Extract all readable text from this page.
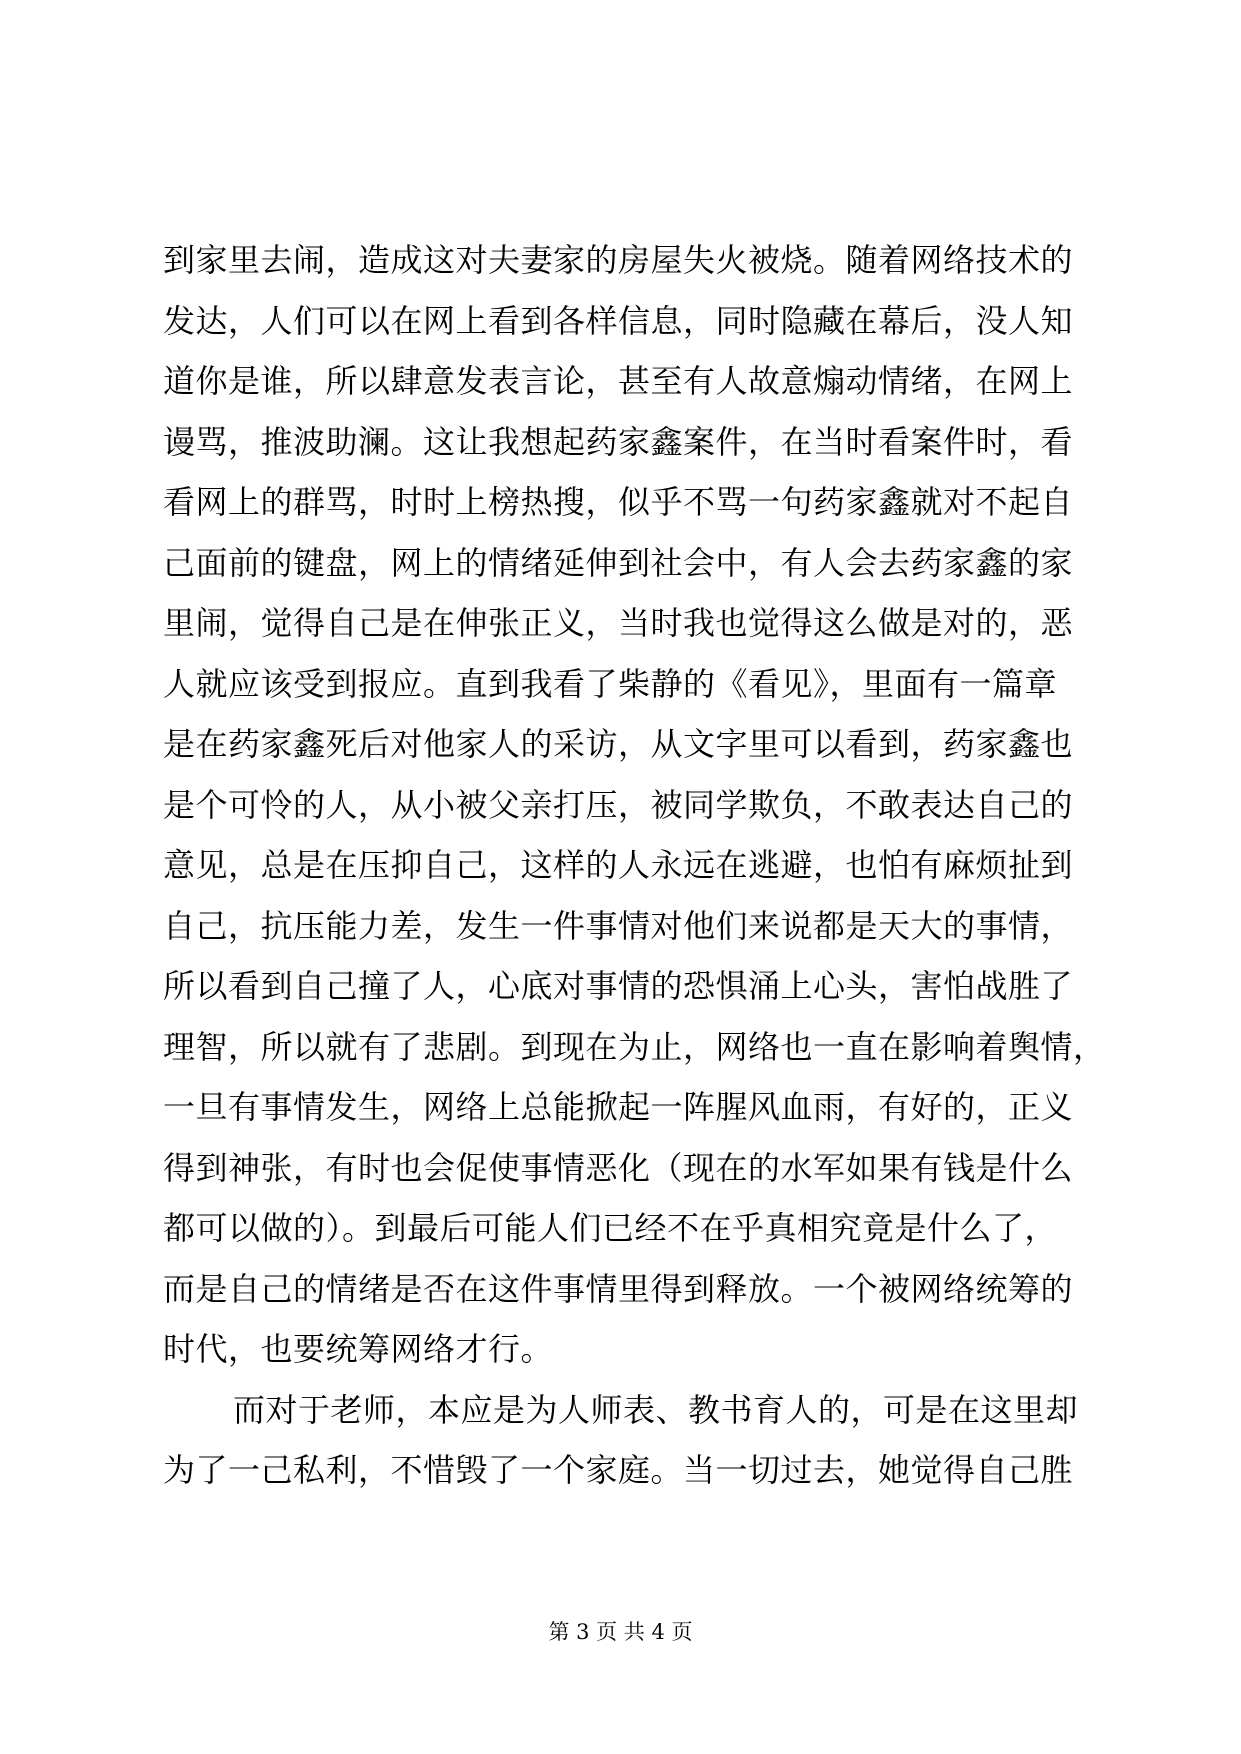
到家里去闹，造成这对夫妻家的房屋失火被烧。随着网络技术的
发达，人们可以在网上看到各样信息，同时隐藏在幕后，没人知
道你是谁，所以肆意发表言论，甚至有人故意煽动情绪，在网上
谩骂，推波助澜。这让我想起药家鑫案件，在当时看案件时，看
看网上的群骂，时时上榜热搜，似乎不骂一句药家鑫就对不起自
己面前的键盘，网上的情绪延伸到社会中，有人会去药家鑫的家
里闹，觉得自己是在伸张正义，当时我也觉得这么做是对的，恶
人就应该受到报应。直到我看了柴静的《看见》，里面有一篇章
是在药家鑫死后对他家人的采访，从文字里可以看到，药家鑫也
是个可怜的人，从小被父亲打压，被同学欺负，不敢表达自己的
意见，总是在压抑自己，这样的人永远在逃避，也怕有麻烦扯到
自己，抗压能力差，发生一件事情对他们来说都是天大的事情，
所以看到自己撞了人，心底对事情的恐惧涌上心头，害怕战胜了
理智，所以就有了悲剧。到现在为止，网络也一直在影响着舆情，
一旦有事情发生，网络上总能掀起一阵腥风血雨，有好的，正义
得到神张，有时也会促使事情恶化（现在的水军如果有钱是什么
都可以做的）。到最后可能人们已经不在乎真相究竟是什么了，
而是自己的情绪是否在这件事情里得到释放。一个被网络统筹的
时代，也要统筹网络才行。
而对于老师，本应是为人师表、教书育人的，可是在这里却
为了一己私利，不惜毁了一个家庭。当一切过去，她觉得自己胜
第 3 页 共 4 页
